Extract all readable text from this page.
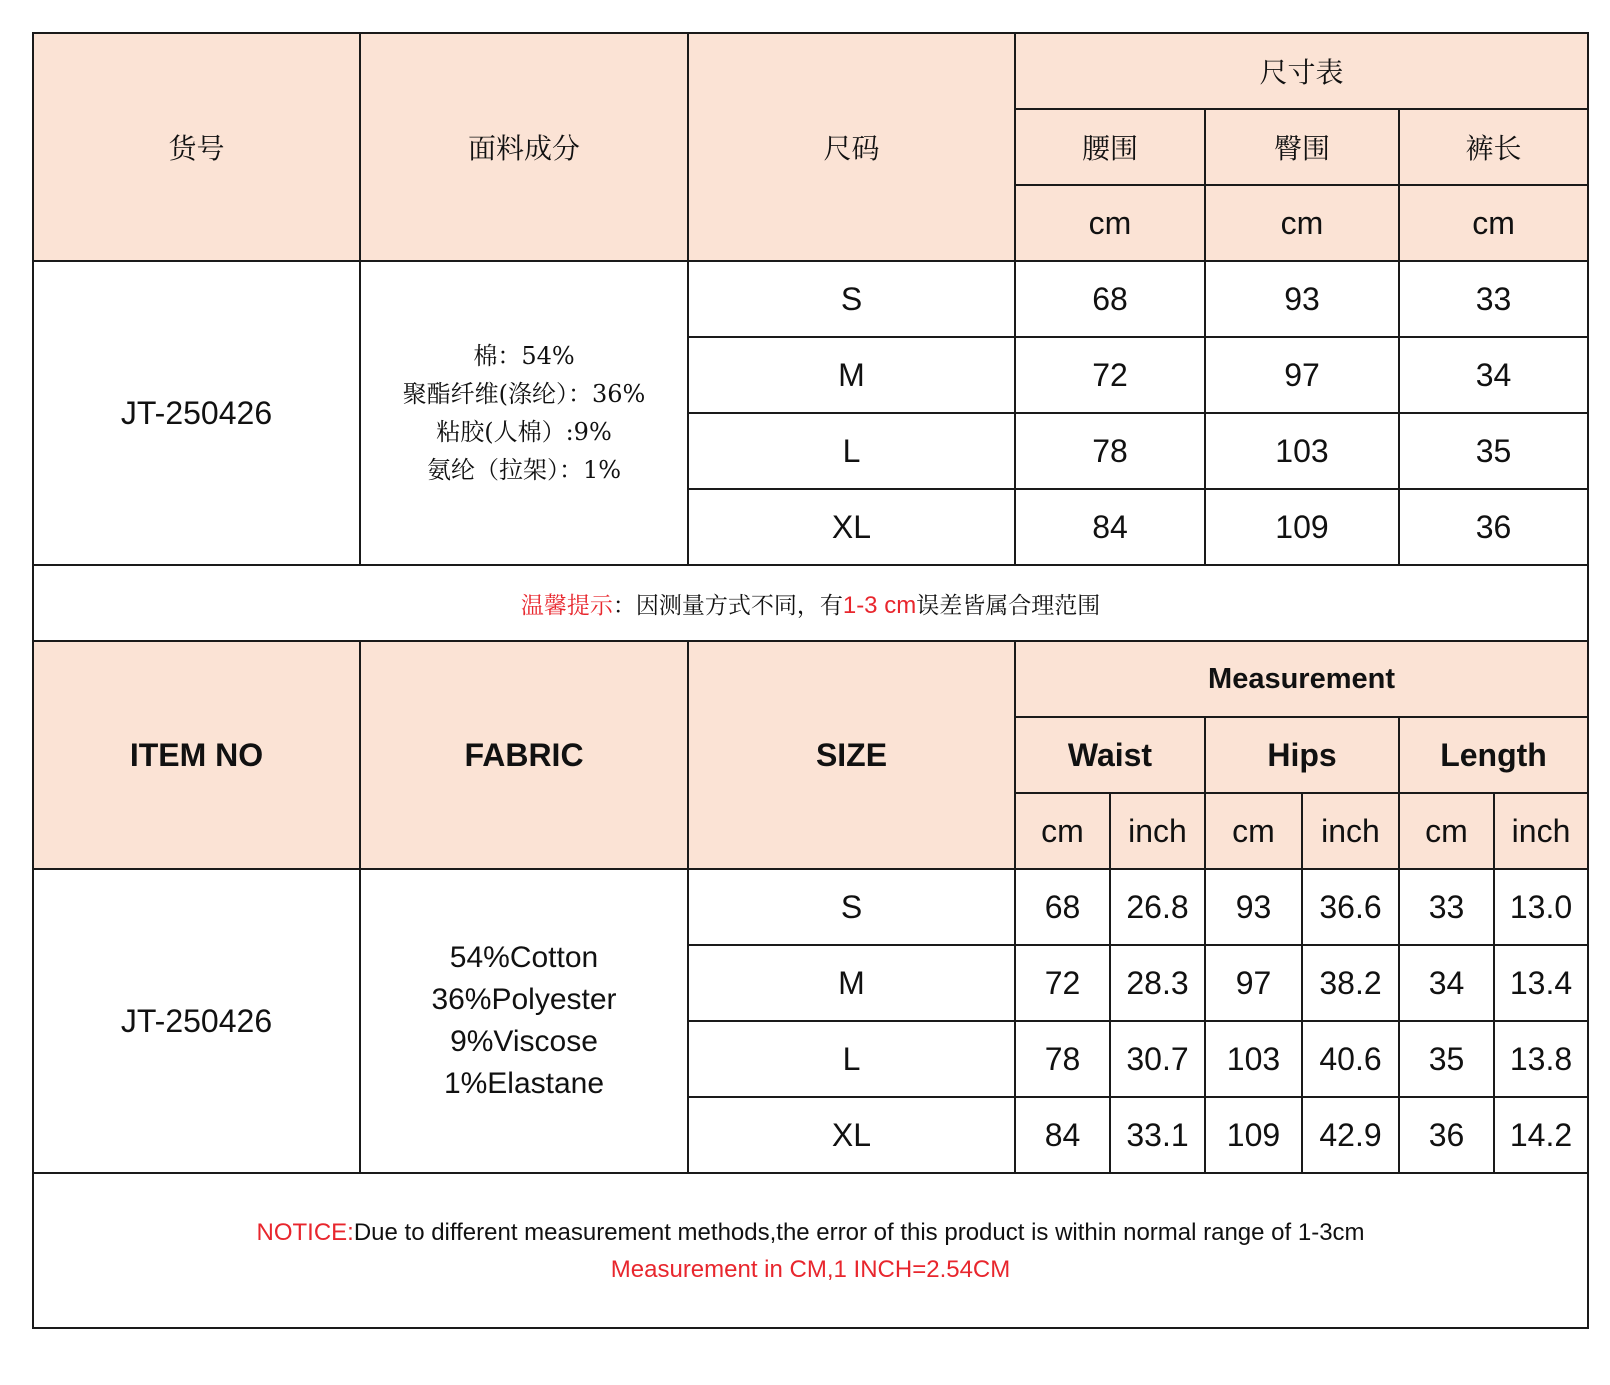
货号	面料成分	尺码	尺寸表					
			腰围		臀围		裤长	
			cm		cm		cm	
JT-250426	棉：54%
聚酯纤维(涤纶）：36%
粘胶(人棉）:9%
氨纶（拉架）：1%	S	68		93		33	
		M	72		97		34	
		L	78		103		35	
		XL	84		109		36	
温馨提示：因测量方式不同，有1-3 cm误差皆属合理范围								
ITEM NO	FABRIC	SIZE	Measurement					
			Waist		Hips		Length	
			cm	inch	cm	inch	cm	inch
JT-250426	54%Cotton
36%Polyester
9%Viscose
1%Elastane	S	68	26.8	93	36.6	33	13.0
		M	72	28.3	97	38.2	34	13.4
		L	78	30.7	103	40.6	35	13.8
		XL	84	33.1	109	42.9	36	14.2

NOTICE:Due to different measurement methods,the error of this product is within normal range of 1-3cm
Measurement in CM,1 INCH=2.54CM								
